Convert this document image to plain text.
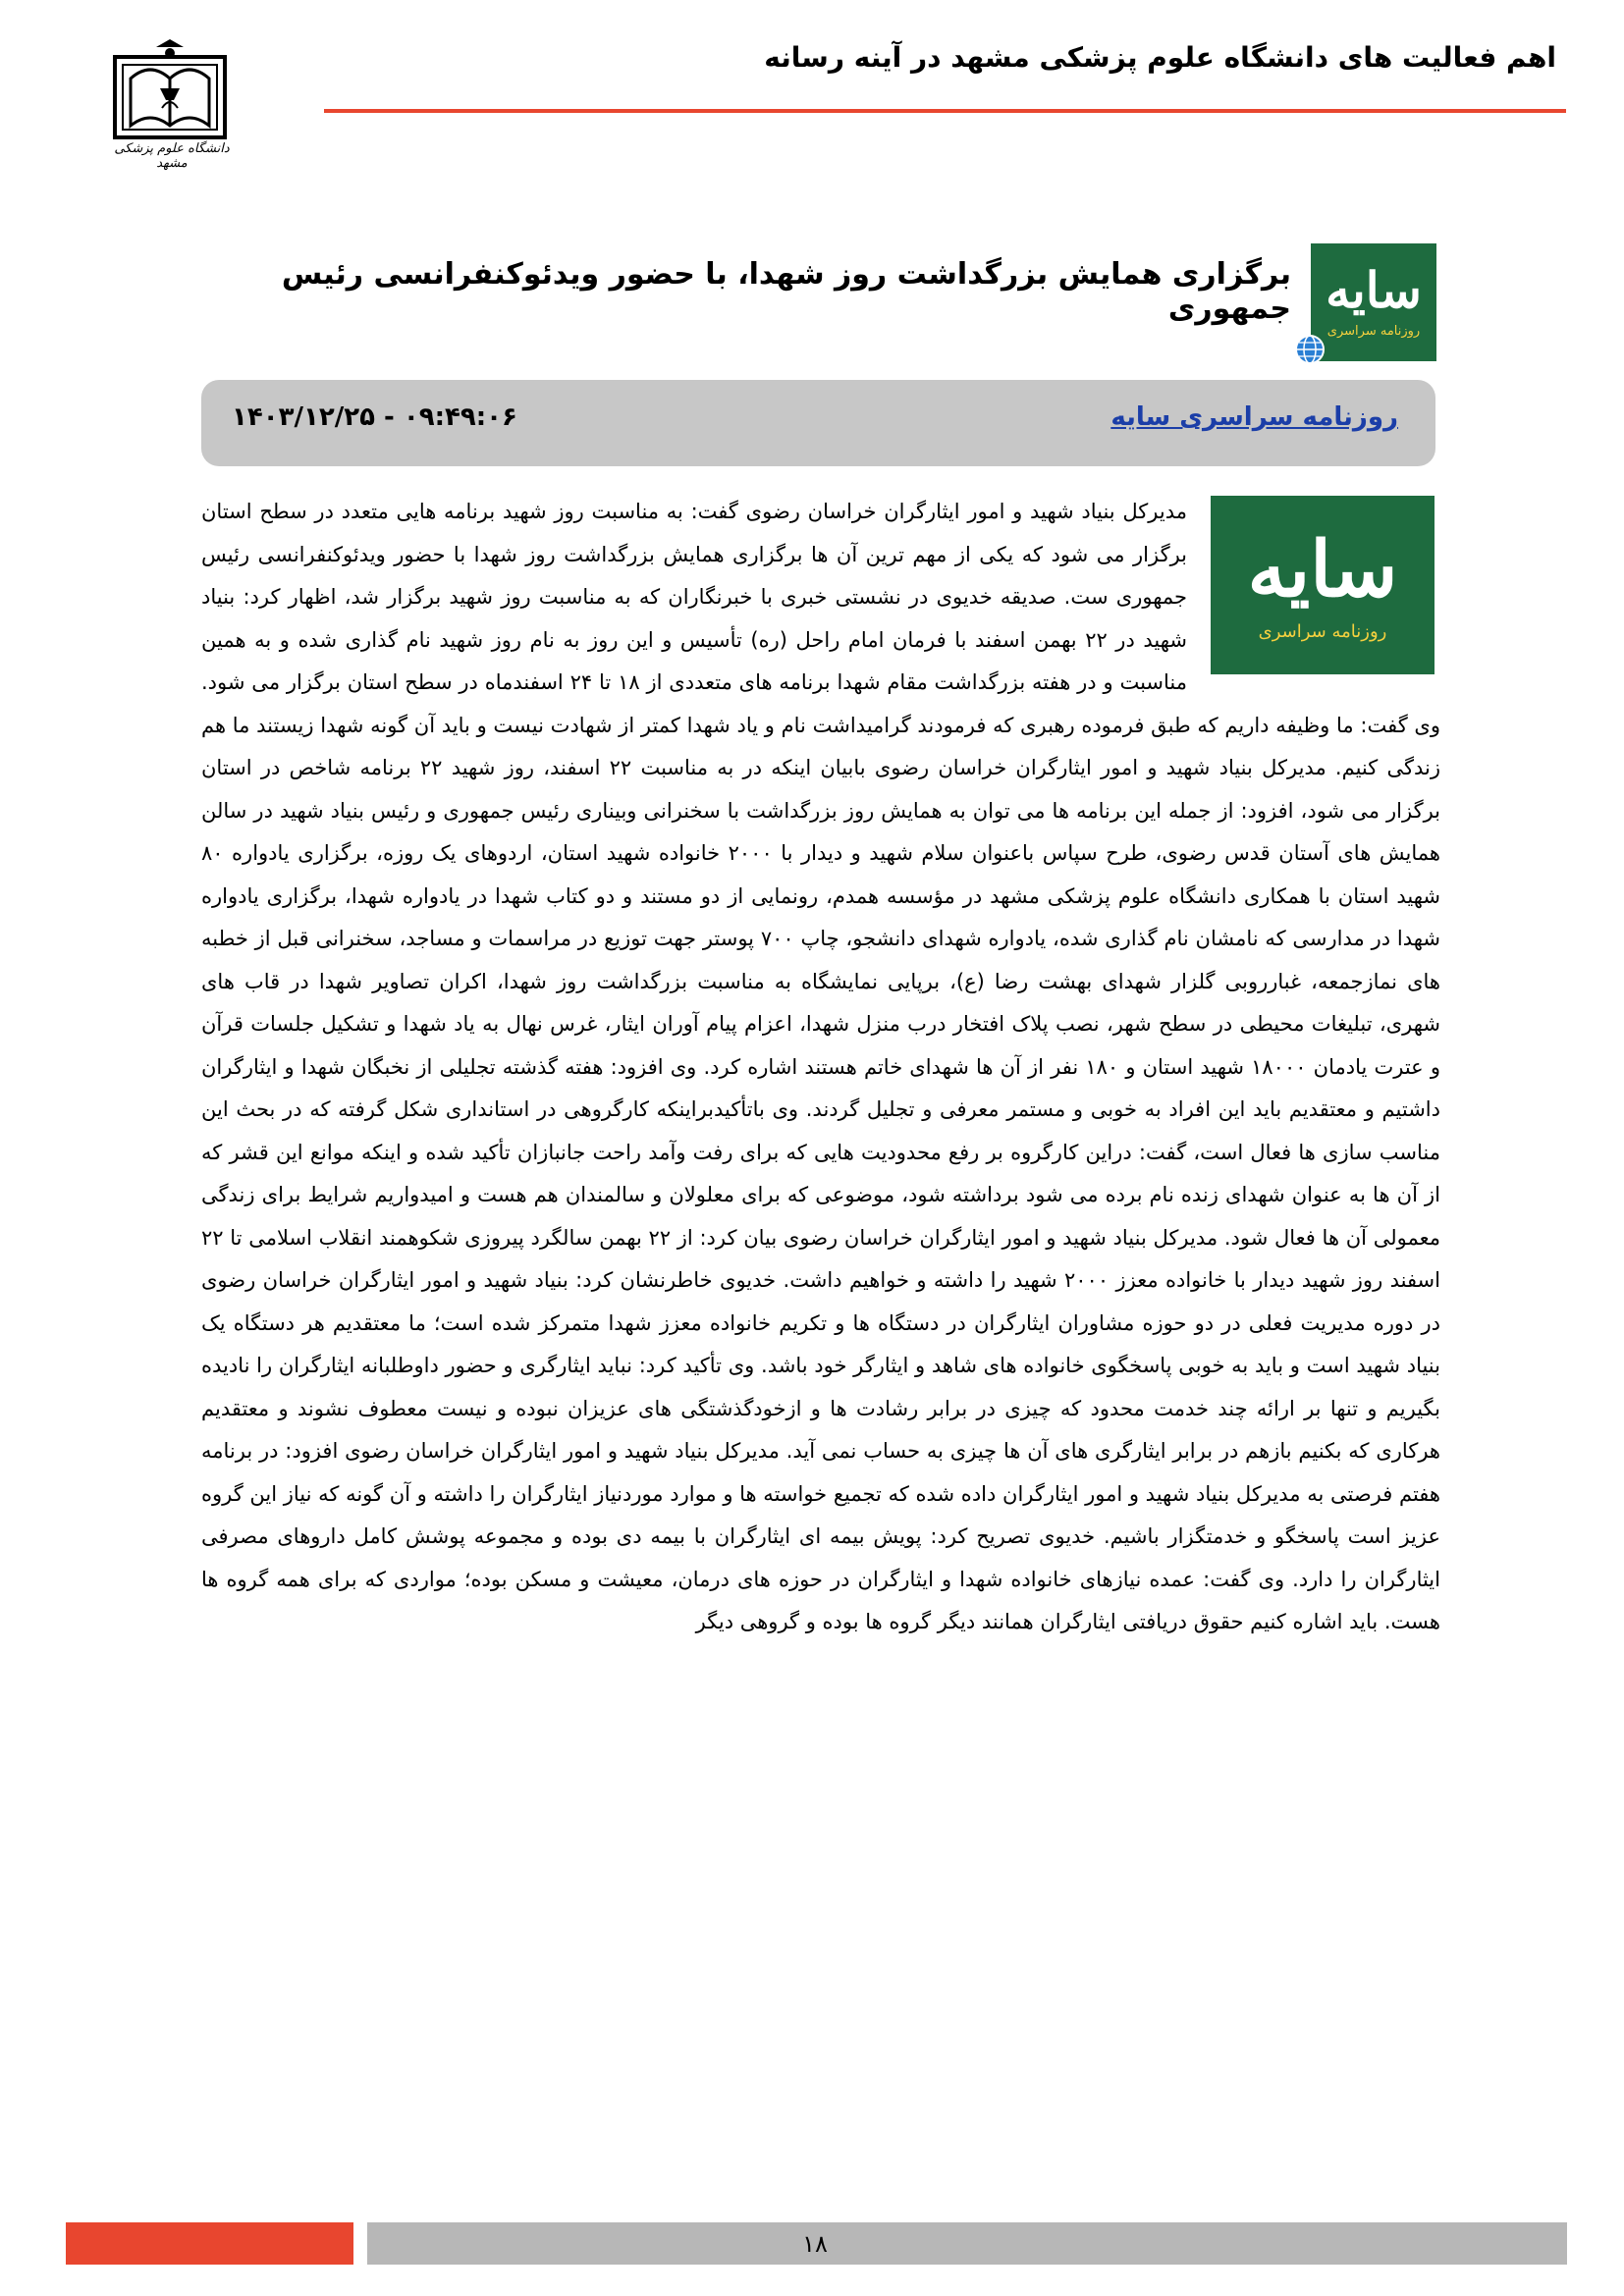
اهم فعالیت های دانشگاه علوم پزشکی مشهد در آینه رسانه
دانشگاه علوم پزشکی مشهد
سایه
روزنامه سراسری
برگزاری همایش بزرگداشت روز شهدا، با حضور ویدئوکنفرانسی رئیس جمهوری
روزنامه سراسری سایه
۱۴۰۳/۱۲/۲۵ - ۰۹:۴۹:۰۶
سایه
روزنامه سراسری
مدیرکل بنیاد شهید و امور ایثارگران خراسان رضوی گفت: به مناسبت روز شهید برنامه هایی متعدد در سطح استان برگزار می شود که یکی از مهم ترین آن ها برگزاری همایش بزرگداشت روز شهدا با حضور ویدئوکنفرانسی رئیس جمهوری ست. صدیقه خدیوی در نشستی خبری با خبرنگاران که به مناسبت روز شهید برگزار شد، اظهار کرد: بنیاد شهید در ۲۲ بهمن اسفند با فرمان امام راحل (ره) تأسیس و این روز به نام روز شهید نام گذاری شده و به همین مناسبت و در هفته بزرگداشت مقام شهدا برنامه های متعددی از ۱۸ تا ۲۴ اسفندماه در سطح استان برگزار می شود. وی گفت: ما وظیفه داریم که طبق فرموده رهبری که فرمودند گرامیداشت نام و یاد شهدا کمتر از شهادت نیست و باید آن گونه شهدا زیستند ما هم زندگی کنیم. مدیرکل بنیاد شهید و امور ایثارگران خراسان رضوی بابیان اینکه در به مناسبت ۲۲ اسفند، روز شهید ۲۲ برنامه شاخص در استان برگزار می شود، افزود: از جمله این برنامه ها می توان به همایش روز بزرگداشت با سخنرانی وبیناری رئیس جمهوری و رئیس بنیاد شهید در سالن همایش های آستان قدس رضوی، طرح سپاس باعنوان سلام شهید و دیدار با ۲۰۰۰ خانواده شهید استان، اردوهای یک روزه، برگزاری یادواره ۸۰ شهید استان با همکاری دانشگاه علوم پزشکی مشهد در مؤسسه همدم، رونمایی از دو مستند و دو کتاب شهدا در یادواره شهدا، برگزاری یادواره شهدا در مدارسی که نامشان نام گذاری شده، یادواره شهدای دانشجو، چاپ ۷۰۰ پوستر جهت توزیع در مراسمات و مساجد، سخنرانی قبل از خطبه های نمازجمعه، غبارروبی گلزار شهدای بهشت رضا (ع)، برپایی نمایشگاه به مناسبت بزرگداشت روز شهدا، اکران تصاویر شهدا در قاب های شهری، تبلیغات محیطی در سطح شهر، نصب پلاک افتخار درب منزل شهدا، اعزام پیام آوران ایثار، غرس نهال به یاد شهدا و تشکیل جلسات قرآن و عترت یادمان ۱۸۰۰۰ شهید استان و ۱۸۰ نفر از آن ها شهدای خاتم هستند اشاره کرد. وی افزود: هفته گذشته تجلیلی از نخبگان شهدا و ایثارگران داشتیم و معتقدیم باید این افراد به خوبی و مستمر معرفی و تجلیل گردند. وی باتأکیدبراینکه کارگروهی در استانداری شکل گرفته که در بحث این مناسب سازی ها فعال است، گفت: دراین کارگروه بر رفع محدودیت هایی که برای رفت وآمد راحت جانبازان تأکید شده و اینکه موانع این قشر که از آن ها به عنوان شهدای زنده نام برده می شود برداشته شود، موضوعی که برای معلولان و سالمندان هم هست و امیدواریم شرایط برای زندگی معمولی آن ها فعال شود. مدیرکل بنیاد شهید و امور ایثارگران خراسان رضوی بیان کرد: از ۲۲ بهمن سالگرد پیروزی شکوهمند انقلاب اسلامی تا ۲۲ اسفند روز شهید دیدار با خانواده معزز ۲۰۰۰ شهید را داشته و خواهیم داشت. خدیوی خاطرنشان کرد: بنیاد شهید و امور ایثارگران خراسان رضوی در دوره مدیریت فعلی در دو حوزه مشاوران ایثارگران در دستگاه ها و تکریم خانواده معزز شهدا متمرکز شده است؛ ما معتقدیم هر دستگاه یک بنیاد شهید است و باید به خوبی پاسخگوی خانواده های شاهد و ایثارگر خود باشد. وی تأکید کرد: نباید ایثارگری و حضور داوطلبانه ایثارگران را نادیده بگیریم و تنها بر ارائه چند خدمت محدود که چیزی در برابر رشادت ها و ازخودگذشتگی های عزیزان نبوده و نیست معطوف نشوند و معتقدیم هرکاری که بکنیم بازهم در برابر ایثارگری های آن ها چیزی به حساب نمی آید. مدیرکل بنیاد شهید و امور ایثارگران خراسان رضوی افزود: در برنامه هفتم فرصتی به مدیرکل بنیاد شهید و امور ایثارگران داده شده که تجمیع خواسته ها و موارد موردنیاز ایثارگران را داشته و آن گونه که نیاز این گروه عزیز است پاسخگو و خدمتگزار باشیم. خدیوی تصریح کرد: پویش بیمه ای ایثارگران با بیمه دی بوده و مجموعه پوشش کامل داروهای مصرفی ایثارگران را دارد. وی گفت: عمده نیازهای خانواده شهدا و ایثارگران در حوزه های درمان، معیشت و مسکن بوده؛ مواردی که برای همه گروه ها هست. باید اشاره کنیم حقوق دریافتی ایثارگران همانند دیگر گروه ها بوده و گروهی دیگر
۱۸
